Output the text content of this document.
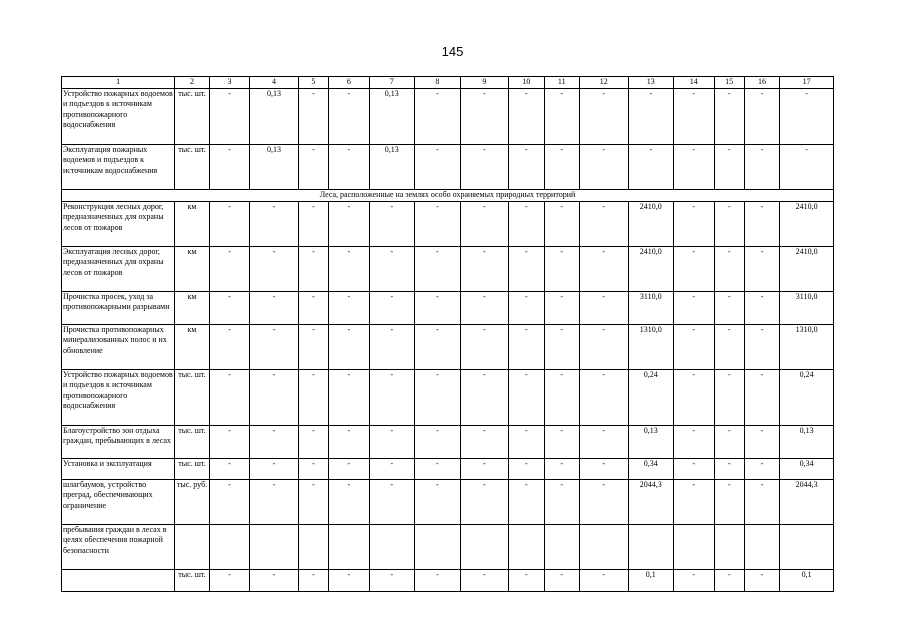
145
1	2	3	4	5	6	7	8	9	10	11	12	13	14	15	16	17
Устройство пожарных водоемов и подъездов к источникам противопожарного водоснабжения	тыс. шт.	-	0,13	-	-	0,13	-	-	-	-	-	-	-	-	-	-
Эксплуатация пожарных водоемов и подъездов к источникам водоснабжения	тыс. шт.	-	0,13	-	-	0,13	-	-	-	-	-	-	-	-	-	-
Леса, расположенные на землях особо охраняемых природных территорий																
Реконструкция лесных дорог, предназначенных для охраны лесов от пожаров	км	-	-	-	-	-	-	-	-	-	-	2410,0	-	-	-	2410,0
Эксплуатация лесных дорог, предназначенных для охраны лесов от пожаров	км	-	-	-	-	-	-	-	-	-	-	2410,0	-	-	-	2410,0
Прочистка просек, уход за противопожарными разрывами	км	-	-	-	-	-	-	-	-	-	-	3110,0	-	-	-	3110,0
Прочистка противопожарных минерализованных полос и их обновление	км	-	-	-	-	-	-	-	-	-	-	1310,0	-	-	-	1310,0
Устройство пожарных водоемов и подъездов к источникам противопожарного водоснабжения	тыс. шт.	-	-	-	-	-	-	-	-	-	-	0,24	-	-	-	0,24
Благоустройство зон отдыха граждан, пребывающих в лесах	тыс. шт.	-	-	-	-	-	-	-	-	-	-	0,13	-	-	-	0,13
Установка и эксплуатация	тыс. шт.	-	-	-	-	-	-	-	-	-	-	0,34	-	-	-	0,34
шлагбаумов, устройство преград, обеспечивающих ограничение	тыс. руб.	-	-	-	-	-	-	-	-	-	-	2044,3	-	-	-	2044,3
пребывания граждан в лесах в целях обеспечения пожарной безопасности																
	тыс. шт.	-	-	-	-	-	-	-	-	-	-	0,1	-	-	-	0,1
